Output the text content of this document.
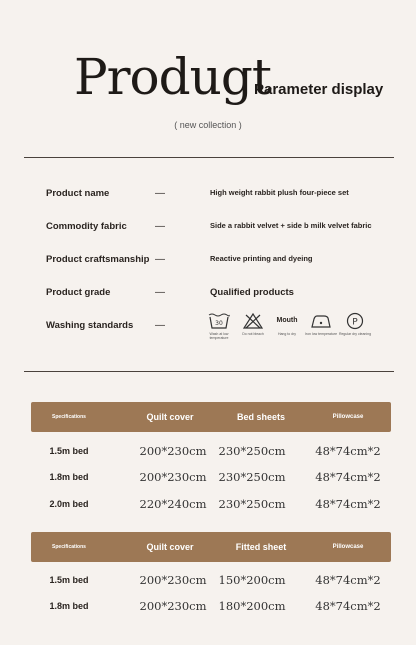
Produgt
Parameter display
( new collection )
Product name	—	High weight rabbit plush four-piece set
Commodity fabric	—	Side a rabbit velvet + side b milk velvet fabric
Product craftsmanship —	Reactive printing and dyeing
Product grade	—	Qualified products
Washing standards —	30
Wash at low temperature
Do not bleach
Mouth
Hang to dry	Iron low temperature
P
Regular dry cleaning
Specifications	Quilt cover	Bed sheets	Pillowcase
1.5m bed	200*230cm	230*250cm	48*74cm*2
1.8m bed	200*230cm	230*250cm	48*74cm*2
2.0m bed	220*240cm	230*250cm	48*74cm*2
Specifications	Quilt cover	Fitted sheet	Pillowcase
1.5m bed	200*230cm	150*200cm	48*74cm*2
1.8m bed	200*230cm	180*200cm	48*74cm*2
